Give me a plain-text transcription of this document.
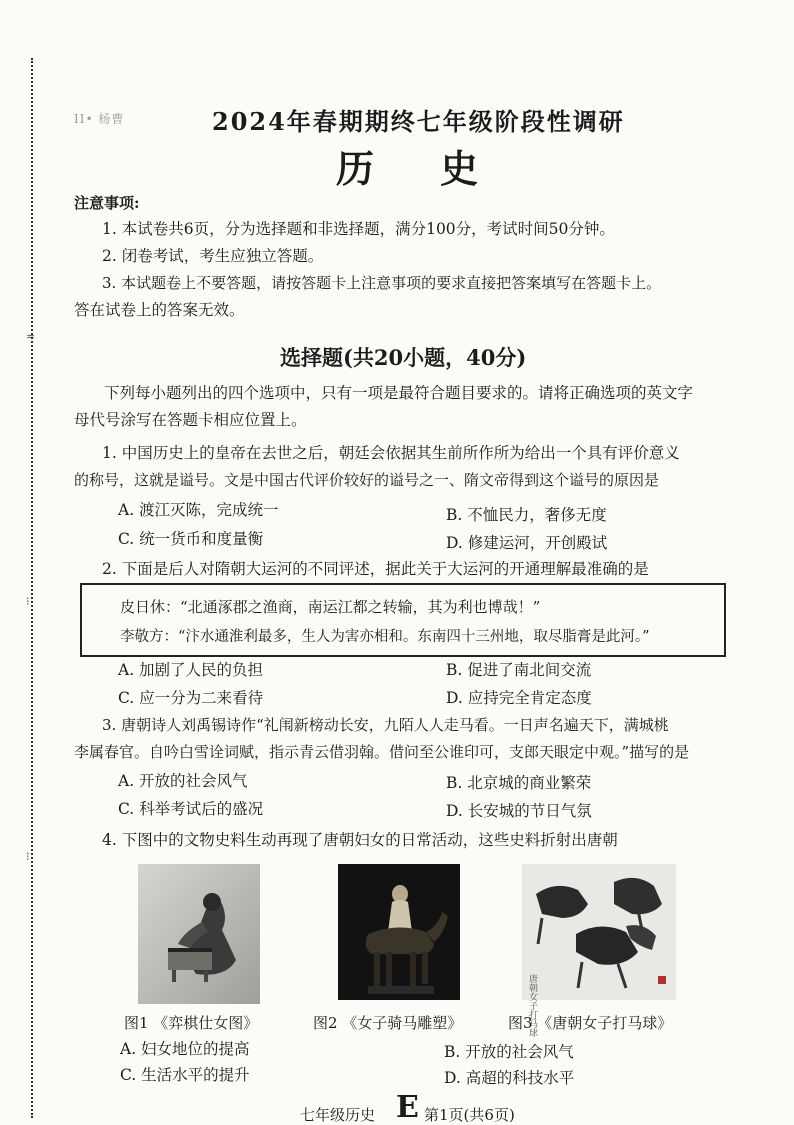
≈
⁝
⁝
II• 杨曹	2024年春期期终七年级阶段性调研
历史
注意事项:
1. 本试卷共6页，分为选择题和非选择题，满分100分，考试时间50分钟。
2. 闭卷考试，考生应独立答题。
3. 本试题卷上不要答题，请按答题卡上注意事项的要求直接把答案填写在答题卡上。
答在试卷上的答案无效。
选择题(共20小题，40分)
下列每小题列出的四个选项中，只有一项是最符合题目要求的。请将正确选项的英文字
母代号涂写在答题卡相应位置上。
1. 中国历史上的皇帝在去世之后，朝廷会依据其生前所作所为给出一个具有评价意义
的称号，这就是谥号。文是中国古代评价较好的谥号之一、隋文帝得到这个谥号的原因是
A. 渡江灭陈，完成统一	B. 不恤民力，奢侈无度
C. 统一货币和度量衡	D. 修建运河，开创殿试
2. 下面是后人对隋朝大运河的不同评述，据此关于大运河的开通理解最准确的是
皮日休：“北通涿郡之渔商，南运江都之转输，其为利也博哉！”
李敬方：“汴水通淮利最多，生人为害亦相和。东南四十三州地，取尽脂膏是此河。”
A. 加剧了人民的负担	B. 促进了南北间交流
C. 应一分为二来看待	D. 应持完全肯定态度
3. 唐朝诗人刘禹锡诗作“礼闱新榜动长安，九陌人人走马看。一日声名遍天下，满城桃
李属春官。自吟白雪诠词赋，指示青云借羽翰。借问至公谁印可，支郎天眼定中观。”描写的是
A. 开放的社会风气	B. 北京城的商业繁荣
C. 科举考试后的盛况	D. 长安城的节日气氛
4. 下图中的文物史料生动再现了唐朝妇女的日常活动，这些史料折射出唐朝
唐朝女子打马球
图1 《弈棋仕女图》	图2 《女子骑马雕塑》	图3 《唐朝女子打马球》
A. 妇女地位的提高	B. 开放的社会风气
C. 生活水平的提升	D. 高超的科技水平
七年级历史 E 第1页(共6页)
